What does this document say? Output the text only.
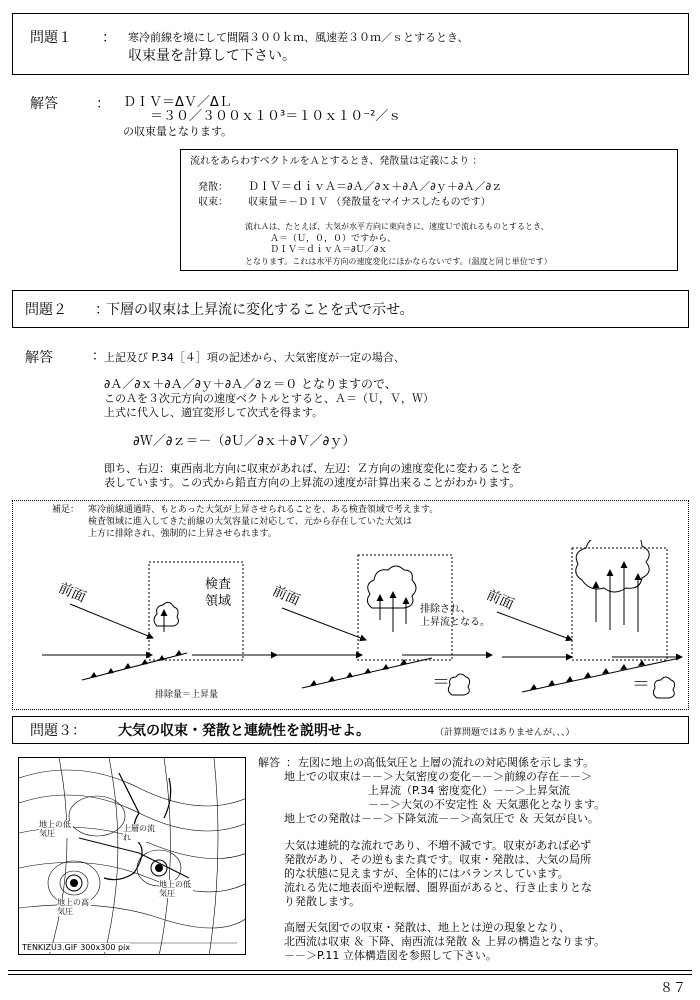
問題１ ： 寒冷前線を境にして間隔３００ｋｍ、風速差３０ｍ／ｓとするとき、
収束量を計算して下さい。
解答	： ＤＩＶ＝ΔＶ／ΔＬ
＝３０／３００ｘ１０³＝１０ｘ１０⁻²／ｓ
の収束量となります。
流れをあらわすベクトルをＡとするとき、発散量は定義により ：
発散： ＤＩＶ＝ｄｉｖＡ＝∂Ａ／∂ｘ＋∂Ａ／∂ｙ＋∂Ａ／∂ｚ
収束： 収束量＝－ＤＩＶ （発散量をマイナスしたものです）
流れＡは、たとえば、大気が水平方向に東向きに、速度Ｕで流れるものとするとき、
Ａ＝（Ｕ，０，０）ですから、
ＤＩＶ＝ｄｉｖＡ＝∂Ｕ／∂ｘ
となります。これは水平方向の速度変化にほかならないです。（温度と同じ単位です）
問題２ ：
下層の収束は上昇流に変化することを式で示せ。
解答	：
上記及び P.34［４］項の記述から、大気密度が一定の場合、
∂Ａ／∂ｘ＋∂Ａ／∂ｙ＋∂Ａ／∂ｚ＝０ となりますので、
このＡを３次元方向の速度ベクトルとすると、Ａ＝（Ｕ，Ｖ，Ｗ）
上式に代入し、適宜変形して次式を得ます。
∂Ｗ／∂ｚ＝－（∂Ｕ／∂ｘ＋∂Ｖ／∂ｙ）
即ち、右辺：東西南北方向に収束があれば、左辺：Ｚ方向の速度変化に変わることを
表しています。この式から鉛直方向の上昇流の速度が計算出来ることがわかります。
補足： 寒冷前線通過時、もとあった大気が上昇させられることを、ある検査領域で考えます。
検査領域に進入してきた前線の大気容量に対応して、元から存在していた大気は
上方に排除され、強制的に上昇させられます。
＝	＝
前面	前面	前面
検査
領域
排除され、
上昇流となる。
排除量＝上昇量
問題３： 大気の収束・発散と連続性を説明せよ。	（計算問題ではありませんが、、、）
地上の低気圧
上層の流れ
地上の低気圧
地上の高気圧
TENKIZU3.GIF 300x300 pix
解答 ： 左図に地上の高低気圧と上層の流れの対応関係を示します。
地上での収束は－－＞大気密度の変化－－＞前線の存在－－＞
上昇流（P.34 密度変化）－－＞上昇気流
－－＞大気の不安定性 ＆ 天気悪化となります。
地上での発散は－－＞下降気流－－＞高気圧で ＆ 天気が良い。
大気は連続的な流れであり、不増不減です。収束があれば必ず
発散があり、その逆もまた真です。収束・発散は、大気の局所
的な状態に見えますが、全体的にはバランスしています。
流れる先に地表面や逆転層、圏界面があると、行き止まりとな
り発散します。
高層天気図での収束・発散は、地上とは逆の現象となり、
北西流は収束 ＆ 下降、南西流は発散 ＆ 上昇の構造となります。
－－＞P.11 立体構造図を参照して下さい。
８７
